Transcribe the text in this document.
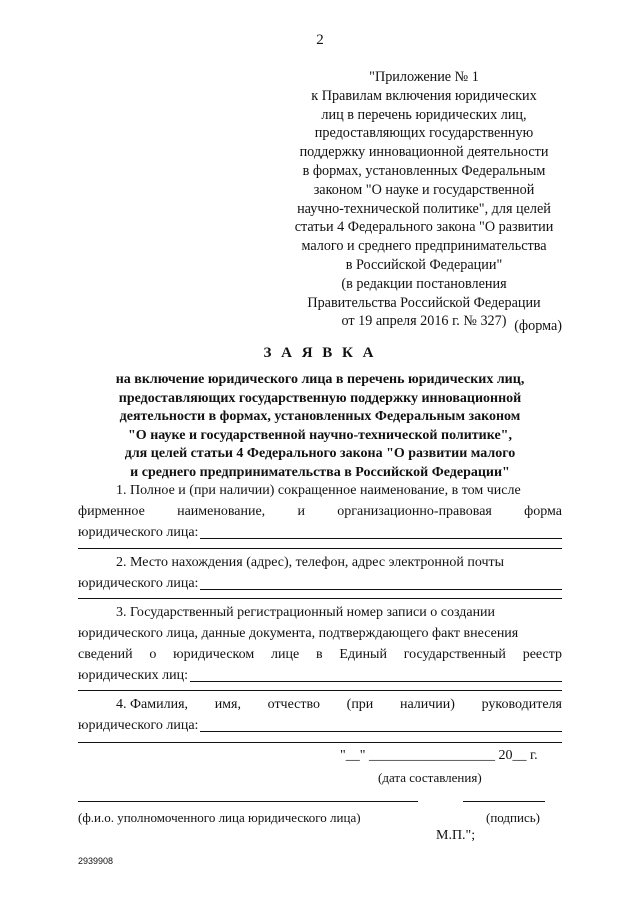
2
"Приложение № 1
к Правилам включения юридических
лиц в перечень юридических лиц,
предоставляющих государственную
поддержку инновационной деятельности
в формах, установленных Федеральным
законом "О науке и государственной
научно-технической политике", для целей
статьи 4 Федерального закона "О развитии
малого и среднего предпринимательства
в Российской Федерации"
(в редакции постановления
Правительства Российской Федерации
от 19 апреля 2016 г. № 327) (форма)
З А Я В К А
на включение юридического лица в перечень юридических лиц,
предоставляющих государственную поддержку инновационной
деятельности в формах, установленных Федеральным законом
"О науке и государственной научно-технической политике",
для целей статьи 4 Федерального закона "О развитии малого
и среднего предпринимательства в Российской Федерации"

1. Полное и (при наличии) сокращенное наименование, в том числе

фирменное наименование, и организационно-правовая форма
юридического лица:

2. Место нахождения (адрес), телефон, адрес электронной почты

юридического лица:

3. Государственный регистрационный номер записи о создании

юридического лица, данные документа, подтверждающего факт внесения

сведений о юридическом лице в Единый государственный реестр

юридических лиц:
4. Фамилия, имя, отчество (при наличии) руководителя
юридического лица:
"__" __________________ 20__ г.
(дата составления)
(ф.и.о. уполномоченного лица юридического лица)	(подпись)
М.П.";
2939908
